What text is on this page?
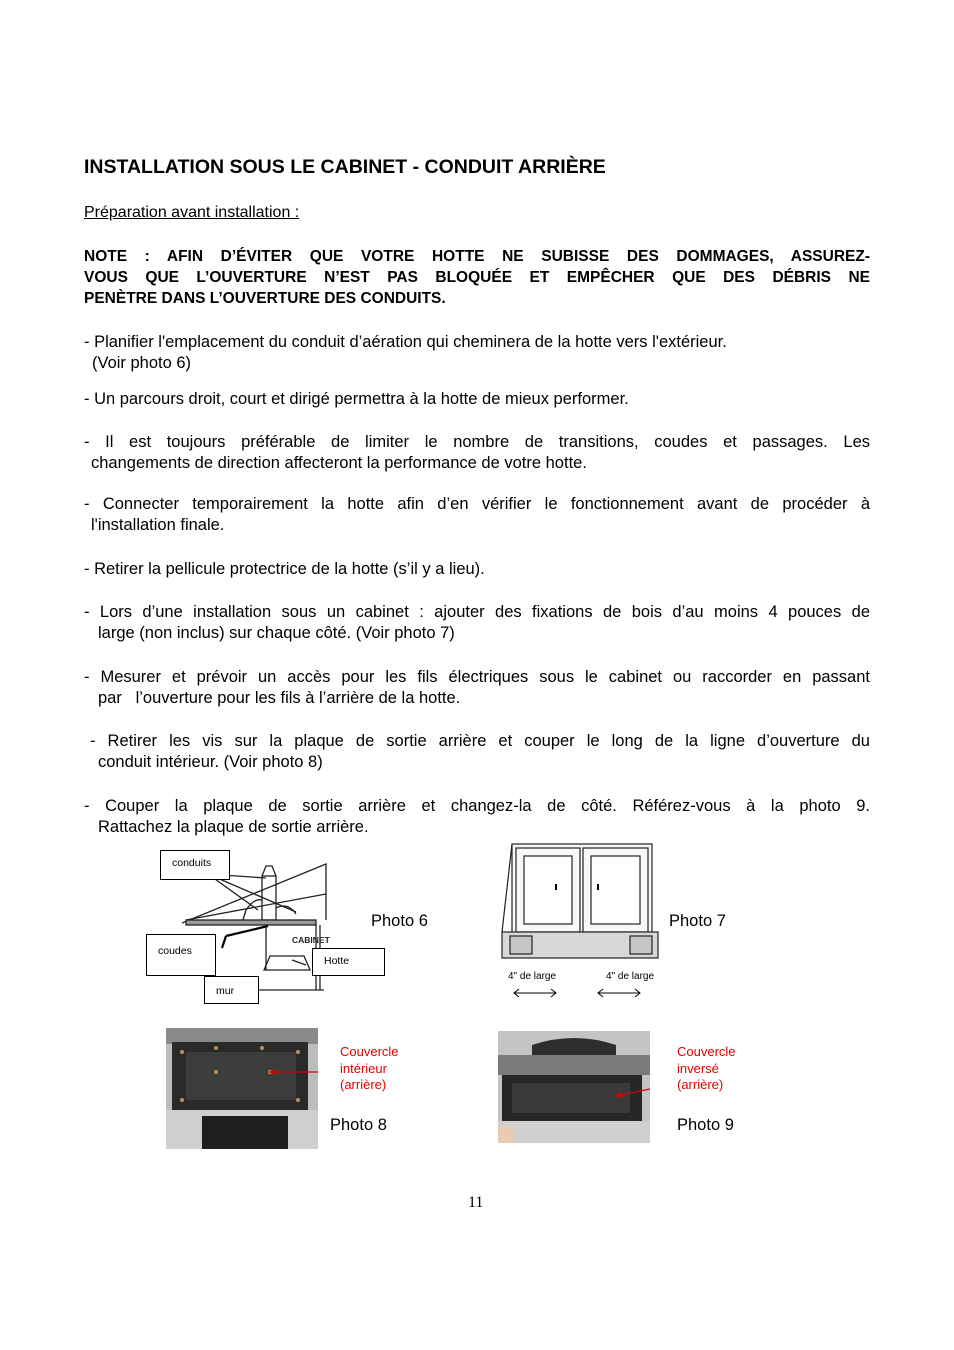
INSTALLATION SOUS LE CABINET - CONDUIT ARRIÈRE
Préparation avant installation :
NOTE : AFIN D’ÉVITER QUE VOTRE HOTTE NE SUBISSE DES DOMMAGES, ASSUREZ-
VOUS QUE L’OUVERTURE N’EST PAS BLOQUÉE ET EMPÊCHER QUE DES DÉBRIS NE
PENÈTRE DANS L’OUVERTURE DES CONDUITS.
- Planifier l'emplacement du conduit d’aération qui cheminera de la hotte vers l'extérieur.
(Voir photo 6)
- Un parcours droit, court et dirigé permettra à la hotte de mieux performer.
- Il est toujours préférable de limiter le nombre de transitions, coudes et passages. Les
changements de direction affecteront la performance de votre hotte.
- Connecter temporairement la hotte afin d’en vérifier le fonctionnement avant de procéder à
l'installation finale.
- Retirer la pellicule protectrice de la hotte (s’il y a lieu).
- Lors d’une installation sous un cabinet : ajouter des fixations de bois d’au moins 4 pouces de
large (non inclus) sur chaque côté. (Voir photo 7)
- Mesurer et prévoir un accès pour les fils électriques sous le cabinet ou raccorder en passant
par   l’ouverture pour les fils à l’arrière de la hotte.
- Retirer les vis sur la plaque de sortie arrière et couper le long de la ligne d’ouverture du
conduit intérieur. (Voir photo 8)
- Couper la plaque de sortie arrière et changez-la de côté. Référez-vous à la photo 9.
Rattachez la plaque de sortie arrière.
CABINET
conduits
coudes
Hotte
mur
Photo 6	Photo 7
4" de large	4" de large
Couvercle
intérieur
(arrière)
Photo 8
Couvercle
inversé
(arrière)
Photo 9
11
